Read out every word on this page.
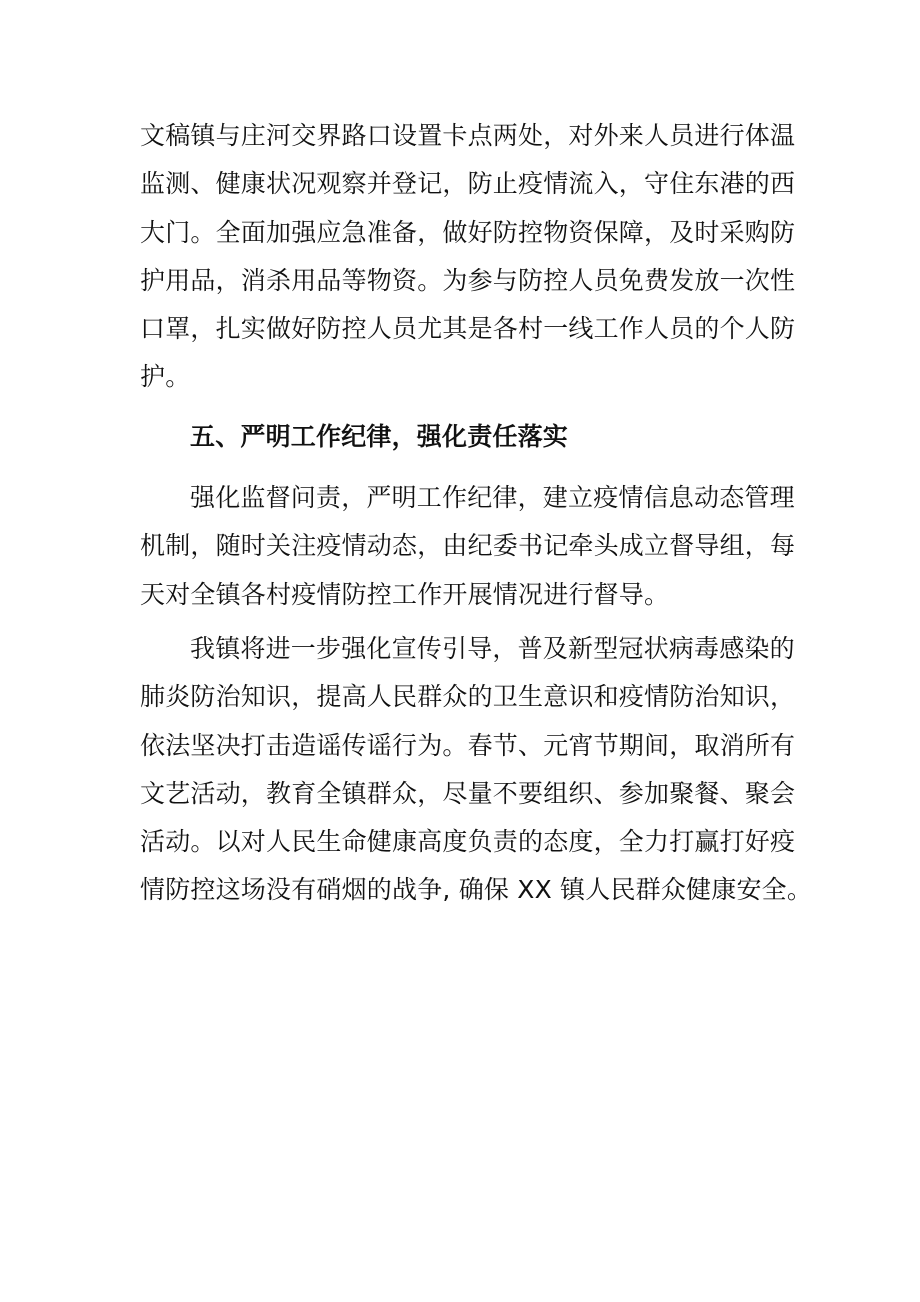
文稿镇与庄河交界路口设置卡点两处，对外来人员进行体温
监测、健康状况观察并登记，防止疫情流入，守住东港的西
大门。全面加强应急准备，做好防控物资保障，及时采购防
护用品，消杀用品等物资。为参与防控人员免费发放一次性
口罩，扎实做好防控人员尤其是各村一线工作人员的个人防
护。
五、严明工作纪律，强化责任落实
强化监督问责，严明工作纪律，建立疫情信息动态管理
机制，随时关注疫情动态，由纪委书记牵头成立督导组，每
天对全镇各村疫情防控工作开展情况进行督导。
我镇将进一步强化宣传引导，普及新型冠状病毒感染的
肺炎防治知识，提高人民群众的卫生意识和疫情防治知识，
依法坚决打击造谣传谣行为。春节、元宵节期间，取消所有
文艺活动，教育全镇群众，尽量不要组织、参加聚餐、聚会
活动。以对人民生命健康高度负责的态度，全力打赢打好疫
情防控这场没有硝烟的战争, 确保 XX 镇人民群众健康安全。
